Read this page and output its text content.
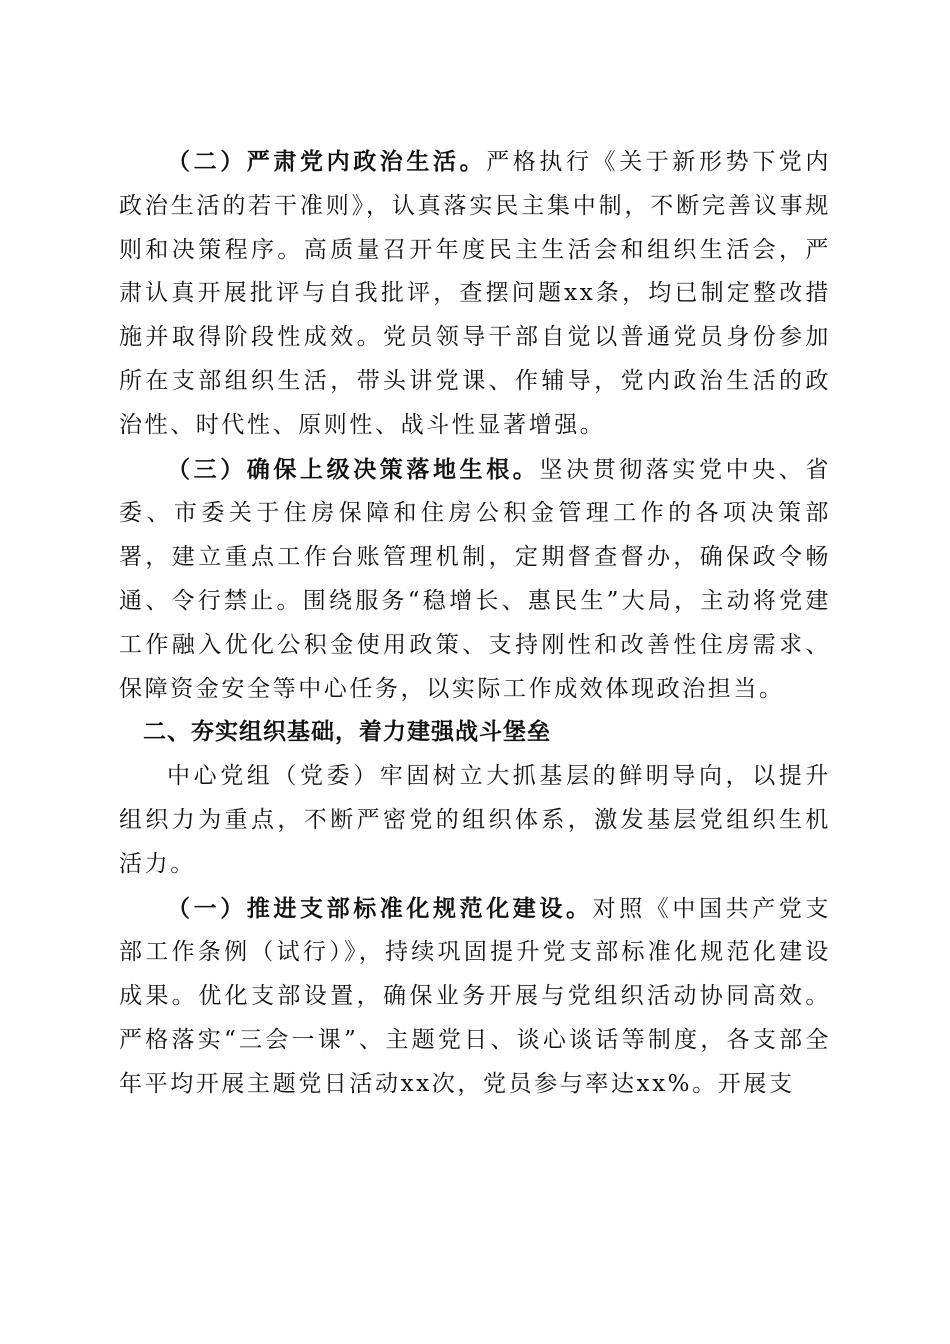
（二）严肃党内政治生活。严格执行《关于新形势下党内政治生活的若干准则》，认真落实民主集中制，不断完善议事规则和决策程序。高质量召开年度民主生活会和组织生活会，严肃认真开展批评与自我批评，查摆问题xx条，均已制定整改措施并取得阶段性成效。党员领导干部自觉以普通党员身份参加所在支部组织生活，带头讲党课、作辅导，党内政治生活的政治性、时代性、原则性、战斗性显著增强。

（三）确保上级决策落地生根。坚决贯彻落实党中央、省委、市委关于住房保障和住房公积金管理工作的各项决策部署，建立重点工作台账管理机制，定期督查督办，确保政令畅通、令行禁止。围绕服务“稳增长、惠民生”大局，主动将党建工作融入优化公积金使用政策、支持刚性和改善性住房需求、保障资金安全等中心任务，以实际工作成效体现政治担当。

二、夯实组织基础，着力建强战斗堡垒

中心党组（党委）牢固树立大抓基层的鲜明导向，以提升组织力为重点，不断严密党的组织体系，激发基层党组织生机活力。

（一）推进支部标准化规范化建设。对照《中国共产党支部工作条例（试行）》，持续巩固提升党支部标准化规范化建设成果。优化支部设置，确保业务开展与党组织活动协同高效。严格落实“三会一课”、主题党日、谈心谈话等制度，各支部全年平均开展主题党日活动xx次，党员参与率达xx%。开展支
